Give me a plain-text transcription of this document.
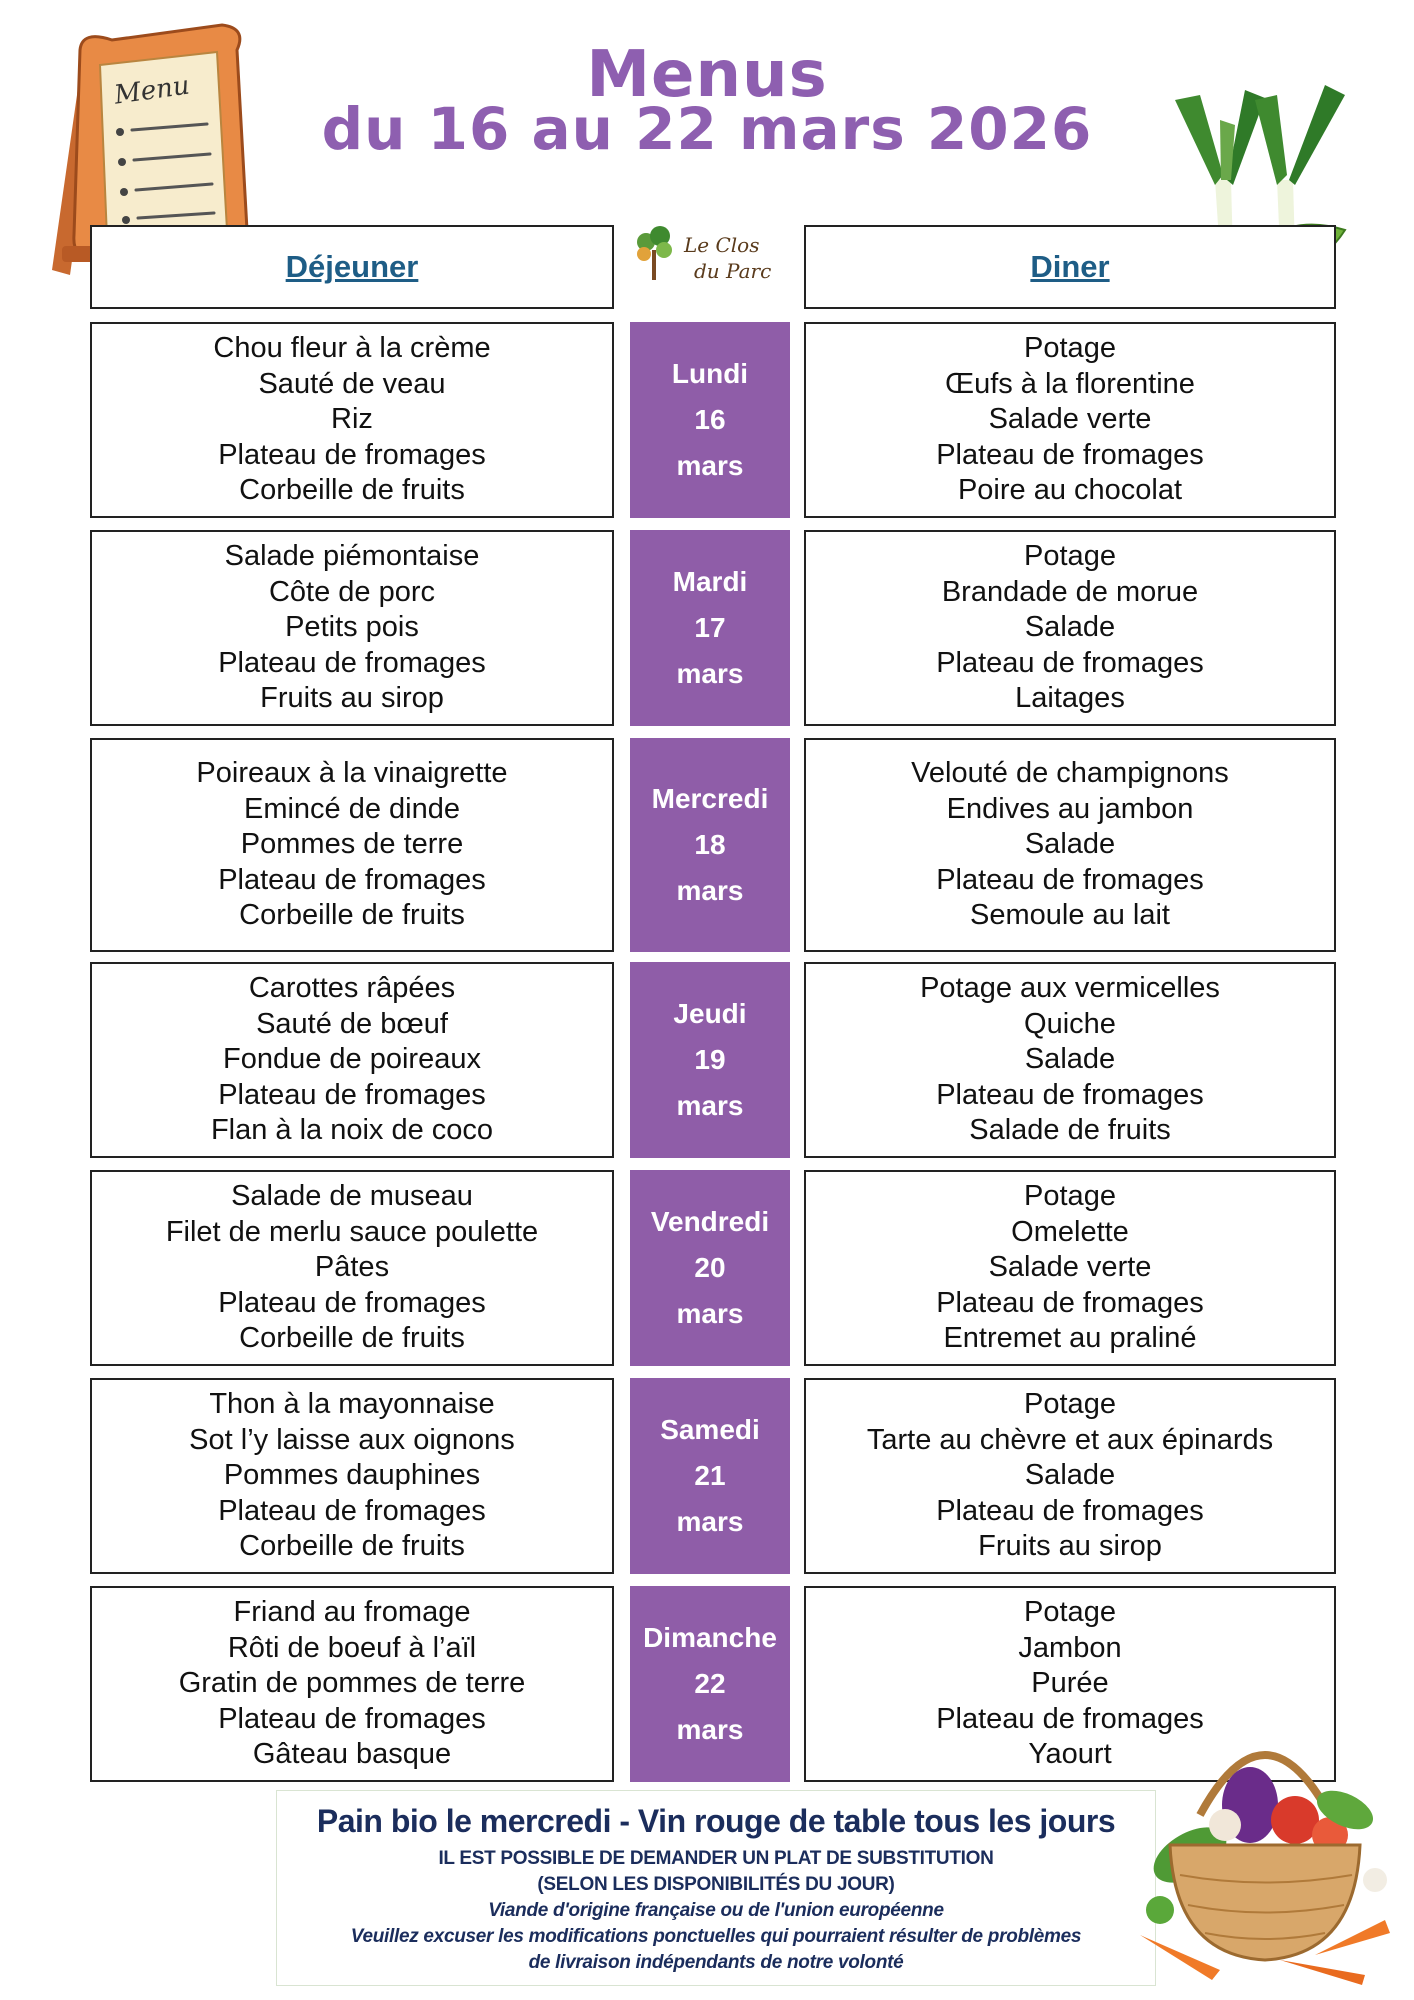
Menu	Menus
du 16 au 22 mars 2026
Déjeuner	Diner
Le Clos
du Parc
Chou fleur à la crème
Sauté de veau
Riz
Plateau de fromages
Corbeille de fruits
Lundi
16
mars
Potage
Œufs à la florentine
Salade verte
Plateau de fromages
Poire au chocolat
Salade piémontaise
Côte de porc
Petits pois
Plateau de fromages
Fruits au sirop
Mardi
17
mars
Potage
Brandade de morue
Salade
Plateau de fromages
Laitages
Poireaux à la vinaigrette
Emincé de dinde
Pommes de terre
Plateau de fromages
Corbeille de fruits
Mercredi
18
mars
Velouté de champignons
Endives au jambon
Salade
Plateau de fromages
Semoule au lait
Carottes râpées
Sauté de bœuf
Fondue de poireaux
Plateau de fromages
Flan à la noix de coco
Jeudi
19
mars
Potage aux vermicelles
Quiche
Salade
Plateau de fromages
Salade de fruits
Salade de museau
Filet de merlu sauce poulette
Pâtes
Plateau de fromages
Corbeille de fruits
Vendredi
20
mars
Potage
Omelette
Salade verte
Plateau de fromages
Entremet au praliné
Thon à la mayonnaise
Sot l’y laisse aux oignons
Pommes dauphines
Plateau de fromages
Corbeille de fruits
Samedi
21
mars
Potage
Tarte au chèvre et aux épinards
Salade
Plateau de fromages
Fruits au sirop
Friand au fromage
Rôti de boeuf à l’aïl
Gratin de pommes de terre
Plateau de fromages
Gâteau basque
Dimanche
22
mars
Potage
Jambon
Purée
Plateau de fromages
Yaourt
Pain bio le mercredi - Vin rouge de table tous les jours
IL EST POSSIBLE DE DEMANDER UN PLAT DE SUBSTITUTION
(SELON LES DISPONIBILITÉS DU JOUR)
Viande d'origine française ou de l'union européenne
Veuillez excuser les modifications ponctuelles qui pourraient résulter de problèmes
de livraison indépendants de notre volonté
